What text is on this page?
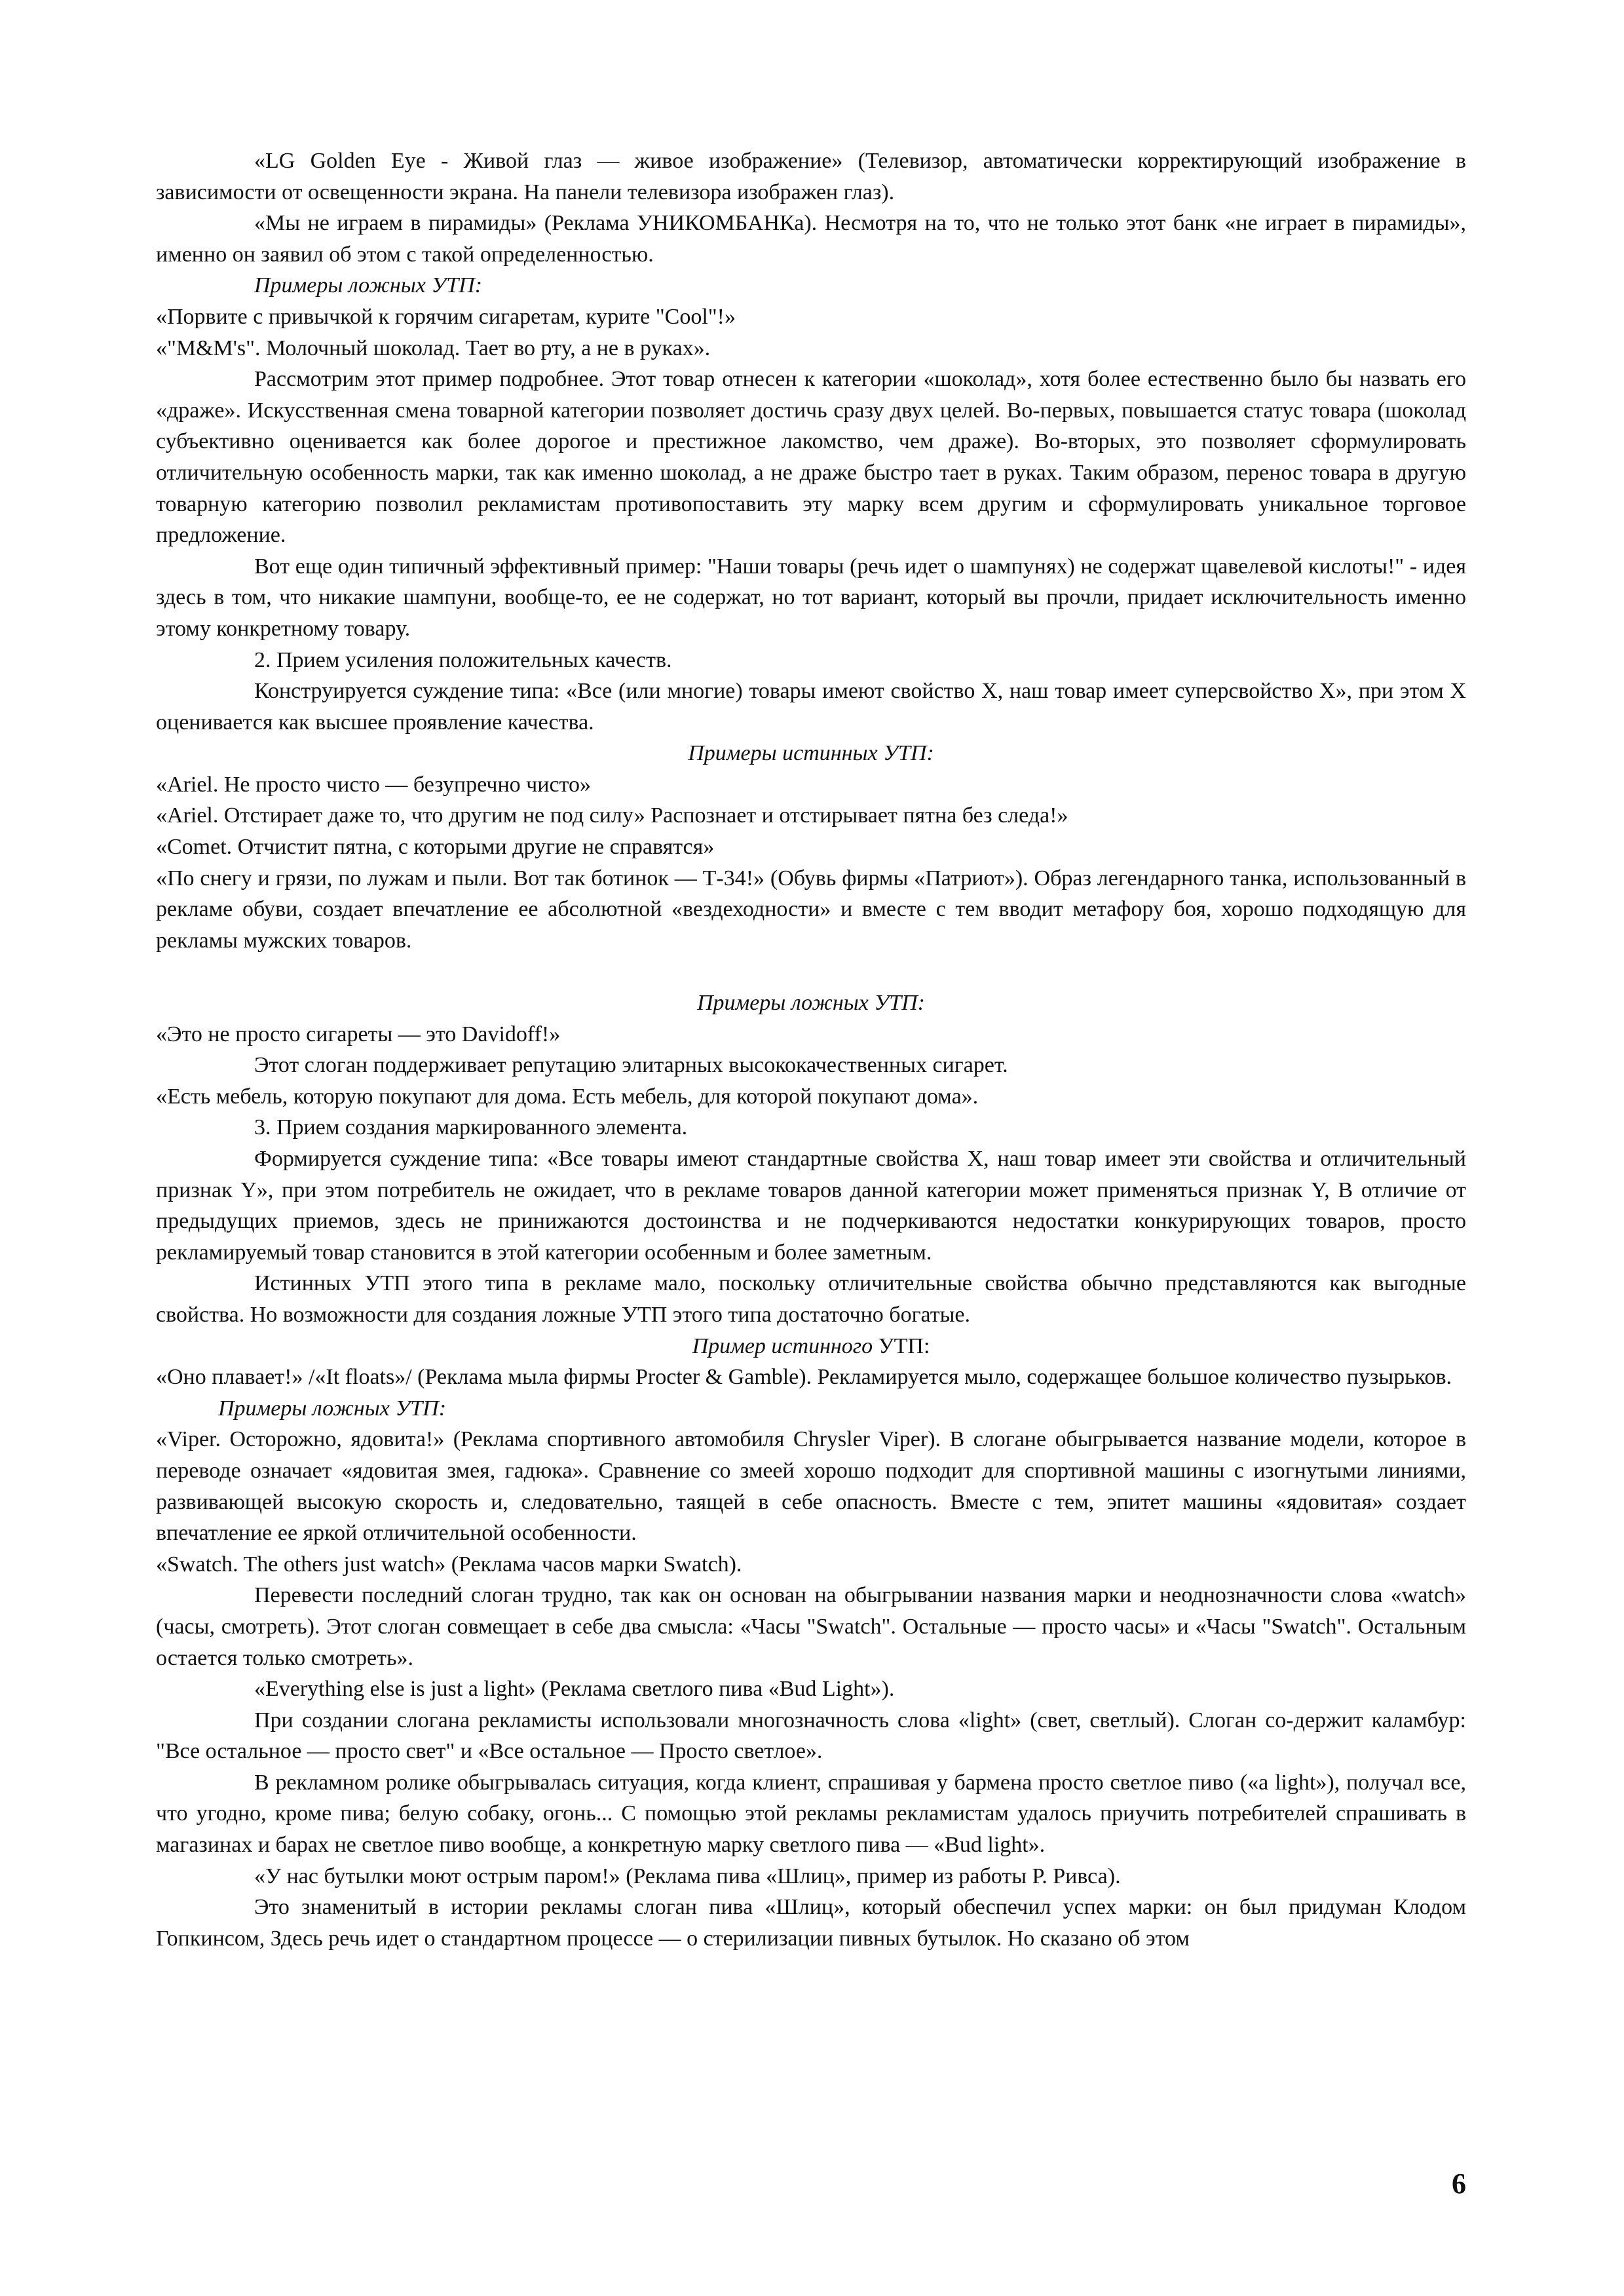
«LG Golden Eye - Живой глаз — живое изображение» (Телевизор, автоматически корректирующий изображение в зависимости от освещенности экрана. На панели телевизора изображен глаз).

«Мы не играем в пирамиды» (Реклама УНИКОМБАНКа). Несмотря на то, что не только этот банк «не играет в пирамиды», именно он заявил об этом с такой определенностью.

Примеры ложных УТП:

«Порвите с привычкой к горячим сигаретам, курите "Cool"!»

«"M&M's". Молочный шоколад. Тает во рту, а не в руках».

Рассмотрим этот пример подробнее. Этот товар отнесен к категории «шоколад», хотя более естественно было бы назвать его «драже». Искусственная смена товарной категории позволяет достичь сразу двух целей. Во-первых, повышается статус товара (шоколад субъективно оценивается как более дорогое и престижное лакомство, чем драже). Во-вторых, это позволяет сформулировать отличительную особенность марки, так как именно шоколад, а не драже быстро тает в руках. Таким образом, перенос товара в другую товарную категорию позволил рекламистам противопоставить эту марку всем другим и сформулировать уникальное торговое предложение.

Вот еще один типичный эффективный пример: "Наши товары (речь идет о шампунях) не содержат щавелевой кислоты!" - идея здесь в том, что никакие шампуни, вообще-то, ее не содержат, но тот вариант, который вы прочли, придает исключительность именно этому конкретному товару.

2. Прием усиления положительных качеств.

Конструируется суждение типа: «Все (или многие) товары имеют свойство X, наш товар имеет суперсвойство X», при этом X оценивается как высшее проявление качества.

Примеры истинных УТП:

«Ariel. Не просто чисто — безупречно чисто»

«Ariel. Отстирает даже то, что другим не под силу» Распознает и отстирывает пятна без следа!»

«Comet. Отчистит пятна, с которыми другие не справятся»

«По снегу и грязи, по лужам и пыли. Вот так ботинок — Т-34!» (Обувь фирмы «Патриот»). Образ легендарного танка, использованный в рекламе обуви, создает впечатление ее абсолютной «вездеходности» и вместе с тем вводит метафору боя, хорошо подходящую для рекламы мужских товаров.

Примеры ложных УТП:

«Это не просто сигареты — это Davidoff!»

Этот слоган поддерживает репутацию элитарных высококачественных сигарет.

«Есть мебель, которую покупают для дома. Есть мебель, для которой покупают дома».

3. Прием создания маркированного элемента.

Формируется суждение типа: «Все товары имеют стандартные свойства X, наш товар имеет эти свойства и отличительный признак Y», при этом потребитель не ожидает, что в рекламе товаров данной категории может применяться признак Y, В отличие от предыдущих приемов, здесь не принижаются достоинства и не подчеркиваются недостатки конкурирующих товаров, просто рекламируемый товар становится в этой категории особенным и более заметным.

Истинных УТП этого типа в рекламе мало, поскольку отличительные свойства обычно представляются как выгодные свойства. Но возможности для создания ложные УТП этого типа достаточно богатые.

Пример истинного УТП:

«Оно плавает!» /«It floats»/ (Реклама мыла фирмы Procter & Gamble). Рекламируется мыло, содержащее большое количество пузырьков.

Примеры ложных УТП:

«Viper. Осторожно, ядовита!» (Реклама спортивного автомобиля Chrysler Viper). В слогане обыгрывается название модели, которое в переводе означает «ядовитая змея, гадюка». Сравнение со змеей хорошо подходит для спортивной машины с изогнутыми линиями, развивающей высокую скорость и, следовательно, таящей в себе опасность. Вместе с тем, эпитет машины «ядовитая» создает впечатление ее яркой отличительной особенности.

«Swatch. The others just watch» (Реклама часов марки Swatch).

Перевести последний слоган трудно, так как он основан на обыгрывании названия марки и неоднозначности слова «watch» (часы, смотреть). Этот слоган совмещает в себе два смысла: «Часы "Swatch". Остальные — просто часы» и «Часы "Swatch". Остальным остается только смотреть».

«Everything else is just a light» (Реклама светлого пива «Bud Light»).

При создании слогана рекламисты использовали многозначность слова «light» (свет, светлый). Слоган со-держит каламбур: "Все остальное — просто свет" и «Все остальное — Просто светлое».

В рекламном ролике обыгрывалась ситуация, когда клиент, спрашивая у бармена просто светлое пиво («a light»), получал все, что угодно, кроме пива; белую собаку, огонь... С помощью этой рекламы рекламистам удалось приучить потребителей спрашивать в магазинах и барах не светлое пиво вообще, а конкретную марку светлого пива — «Bud light».

«У нас бутылки моют острым паром!» (Реклама пива «Шлиц», пример из работы Р. Ривса).

Это знаменитый в истории рекламы слоган пива «Шлиц», который обеспечил успех марки: он был придуман Клодом Гопкинсом, Здесь речь идет о стандартном процессе — о стерилизации пивных бутылок. Но сказано об этом

6
